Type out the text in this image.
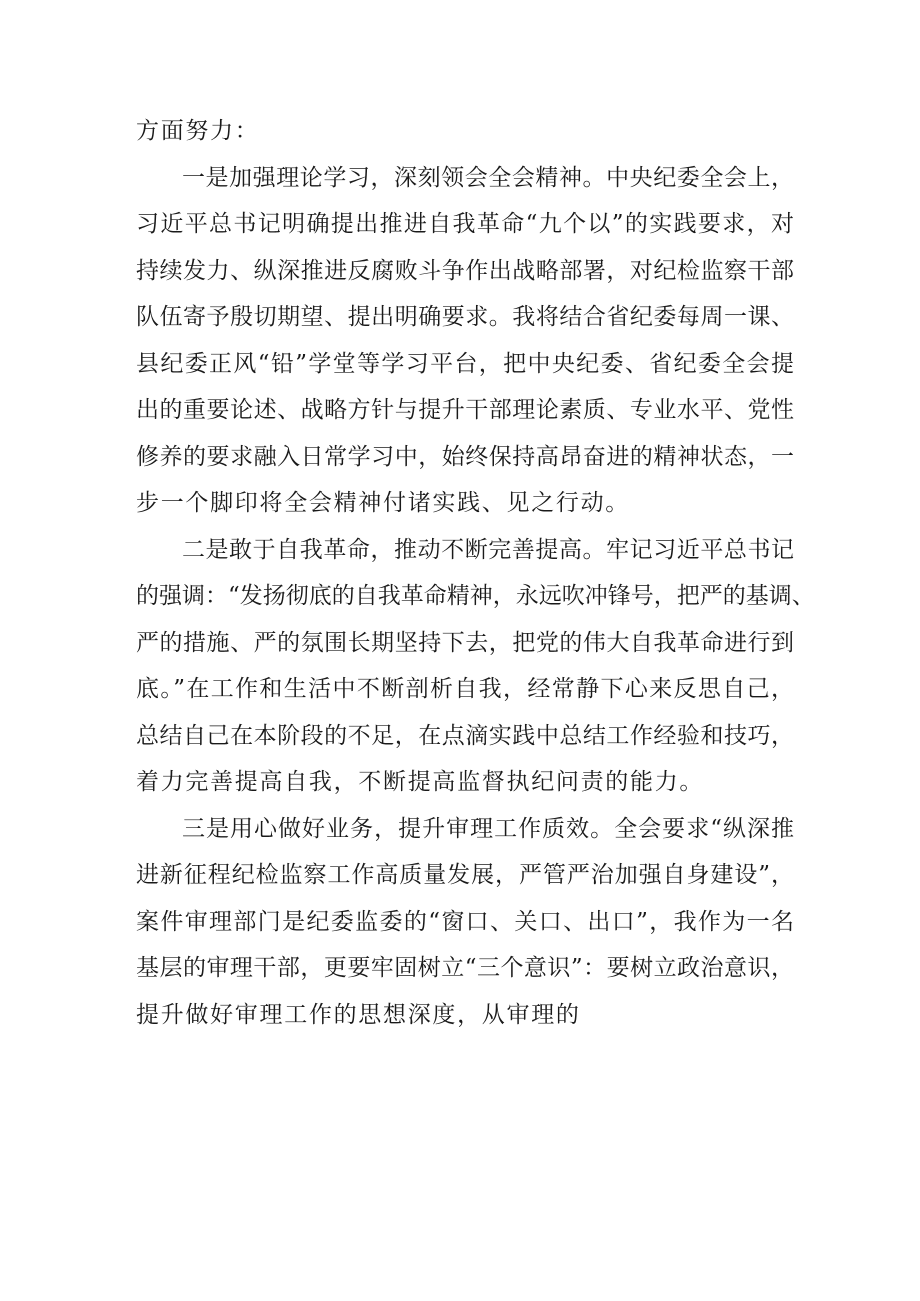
方面努力：
一是加强理论学习，深刻领会全会精神。中央纪委全会上，
习近平总书记明确提出推进自我革命“九个以”的实践要求，对
持续发力、纵深推进反腐败斗争作出战略部署，对纪检监察干部
队伍寄予殷切期望、提出明确要求。我将结合省纪委每周一课、
县纪委正风“铅”学堂等学习平台，把中央纪委、省纪委全会提
出的重要论述、战略方针与提升干部理论素质、专业水平、党性
修养的要求融入日常学习中，始终保持高昂奋进的精神状态，一
步一个脚印将全会精神付诸实践、见之行动。
二是敢于自我革命，推动不断完善提高。牢记习近平总书记
的强调：“发扬彻底的自我革命精神，永远吹冲锋号，把严的基调、
严的措施、严的氛围长期坚持下去，把党的伟大自我革命进行到
底。”在工作和生活中不断剖析自我，经常静下心来反思自己，
总结自己在本阶段的不足，在点滴实践中总结工作经验和技巧，
着力完善提高自我，不断提高监督执纪问责的能力。
三是用心做好业务，提升审理工作质效。全会要求“纵深推
进新征程纪检监察工作高质量发展，严管严治加强自身建设”，
案件审理部门是纪委监委的“窗口、关口、出口”，我作为一名
基层的审理干部，更要牢固树立“三个意识”：要树立政治意识，
提升做好审理工作的思想深度，从审理的
